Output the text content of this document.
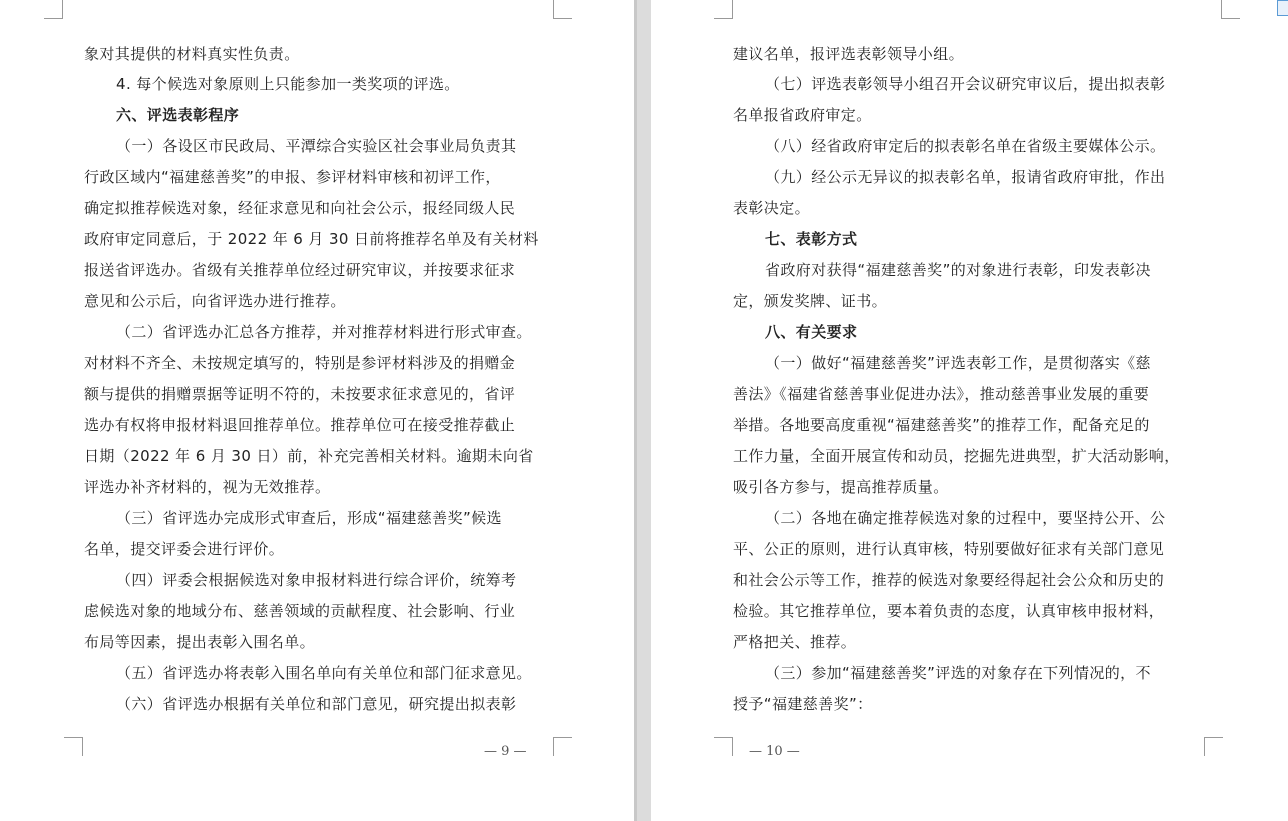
象对其提供的材料真实性负责。
4. 每个候选对象原则上只能参加一类奖项的评选。
六、评选表彰程序
（一）各设区市民政局、平潭综合实验区社会事业局负责其
行政区域内“福建慈善奖”的申报、参评材料审核和初评工作，
确定拟推荐候选对象，经征求意见和向社会公示，报经同级人民
政府审定同意后，于 2022 年 6 月 30 日前将推荐名单及有关材料
报送省评选办。省级有关推荐单位经过研究审议，并按要求征求
意见和公示后，向省评选办进行推荐。
（二）省评选办汇总各方推荐，并对推荐材料进行形式审查。
对材料不齐全、未按规定填写的，特别是参评材料涉及的捐赠金
额与提供的捐赠票据等证明不符的，未按要求征求意见的，省评
选办有权将申报材料退回推荐单位。推荐单位可在接受推荐截止
日期（2022 年 6 月 30 日）前，补充完善相关材料。逾期未向省
评选办补齐材料的，视为无效推荐。
（三）省评选办完成形式审查后，形成“福建慈善奖”候选
名单，提交评委会进行评价。
（四）评委会根据候选对象申报材料进行综合评价，统筹考
虑候选对象的地域分布、慈善领域的贡献程度、社会影响、行业
布局等因素，提出表彰入围名单。
（五）省评选办将表彰入围名单向有关单位和部门征求意见。
（六）省评选办根据有关单位和部门意见，研究提出拟表彰
— 9 —
建议名单，报评选表彰领导小组。
（七）评选表彰领导小组召开会议研究审议后，提出拟表彰
名单报省政府审定。
（八）经省政府审定后的拟表彰名单在省级主要媒体公示。
（九）经公示无异议的拟表彰名单，报请省政府审批，作出
表彰决定。
七、表彰方式
省政府对获得“福建慈善奖”的对象进行表彰，印发表彰决
定，颁发奖牌、证书。
八、有关要求
（一）做好“福建慈善奖”评选表彰工作，是贯彻落实《慈
善法》《福建省慈善事业促进办法》，推动慈善事业发展的重要
举措。各地要高度重视“福建慈善奖”的推荐工作，配备充足的
工作力量，全面开展宣传和动员，挖掘先进典型，扩大活动影响，
吸引各方参与，提高推荐质量。
（二）各地在确定推荐候选对象的过程中，要坚持公开、公
平、公正的原则，进行认真审核，特别要做好征求有关部门意见
和社会公示等工作，推荐的候选对象要经得起社会公众和历史的
检验。其它推荐单位，要本着负责的态度，认真审核申报材料，
严格把关、推荐。
（三）参加“福建慈善奖”评选的对象存在下列情况的，不
授予“福建慈善奖”：
— 10 —
